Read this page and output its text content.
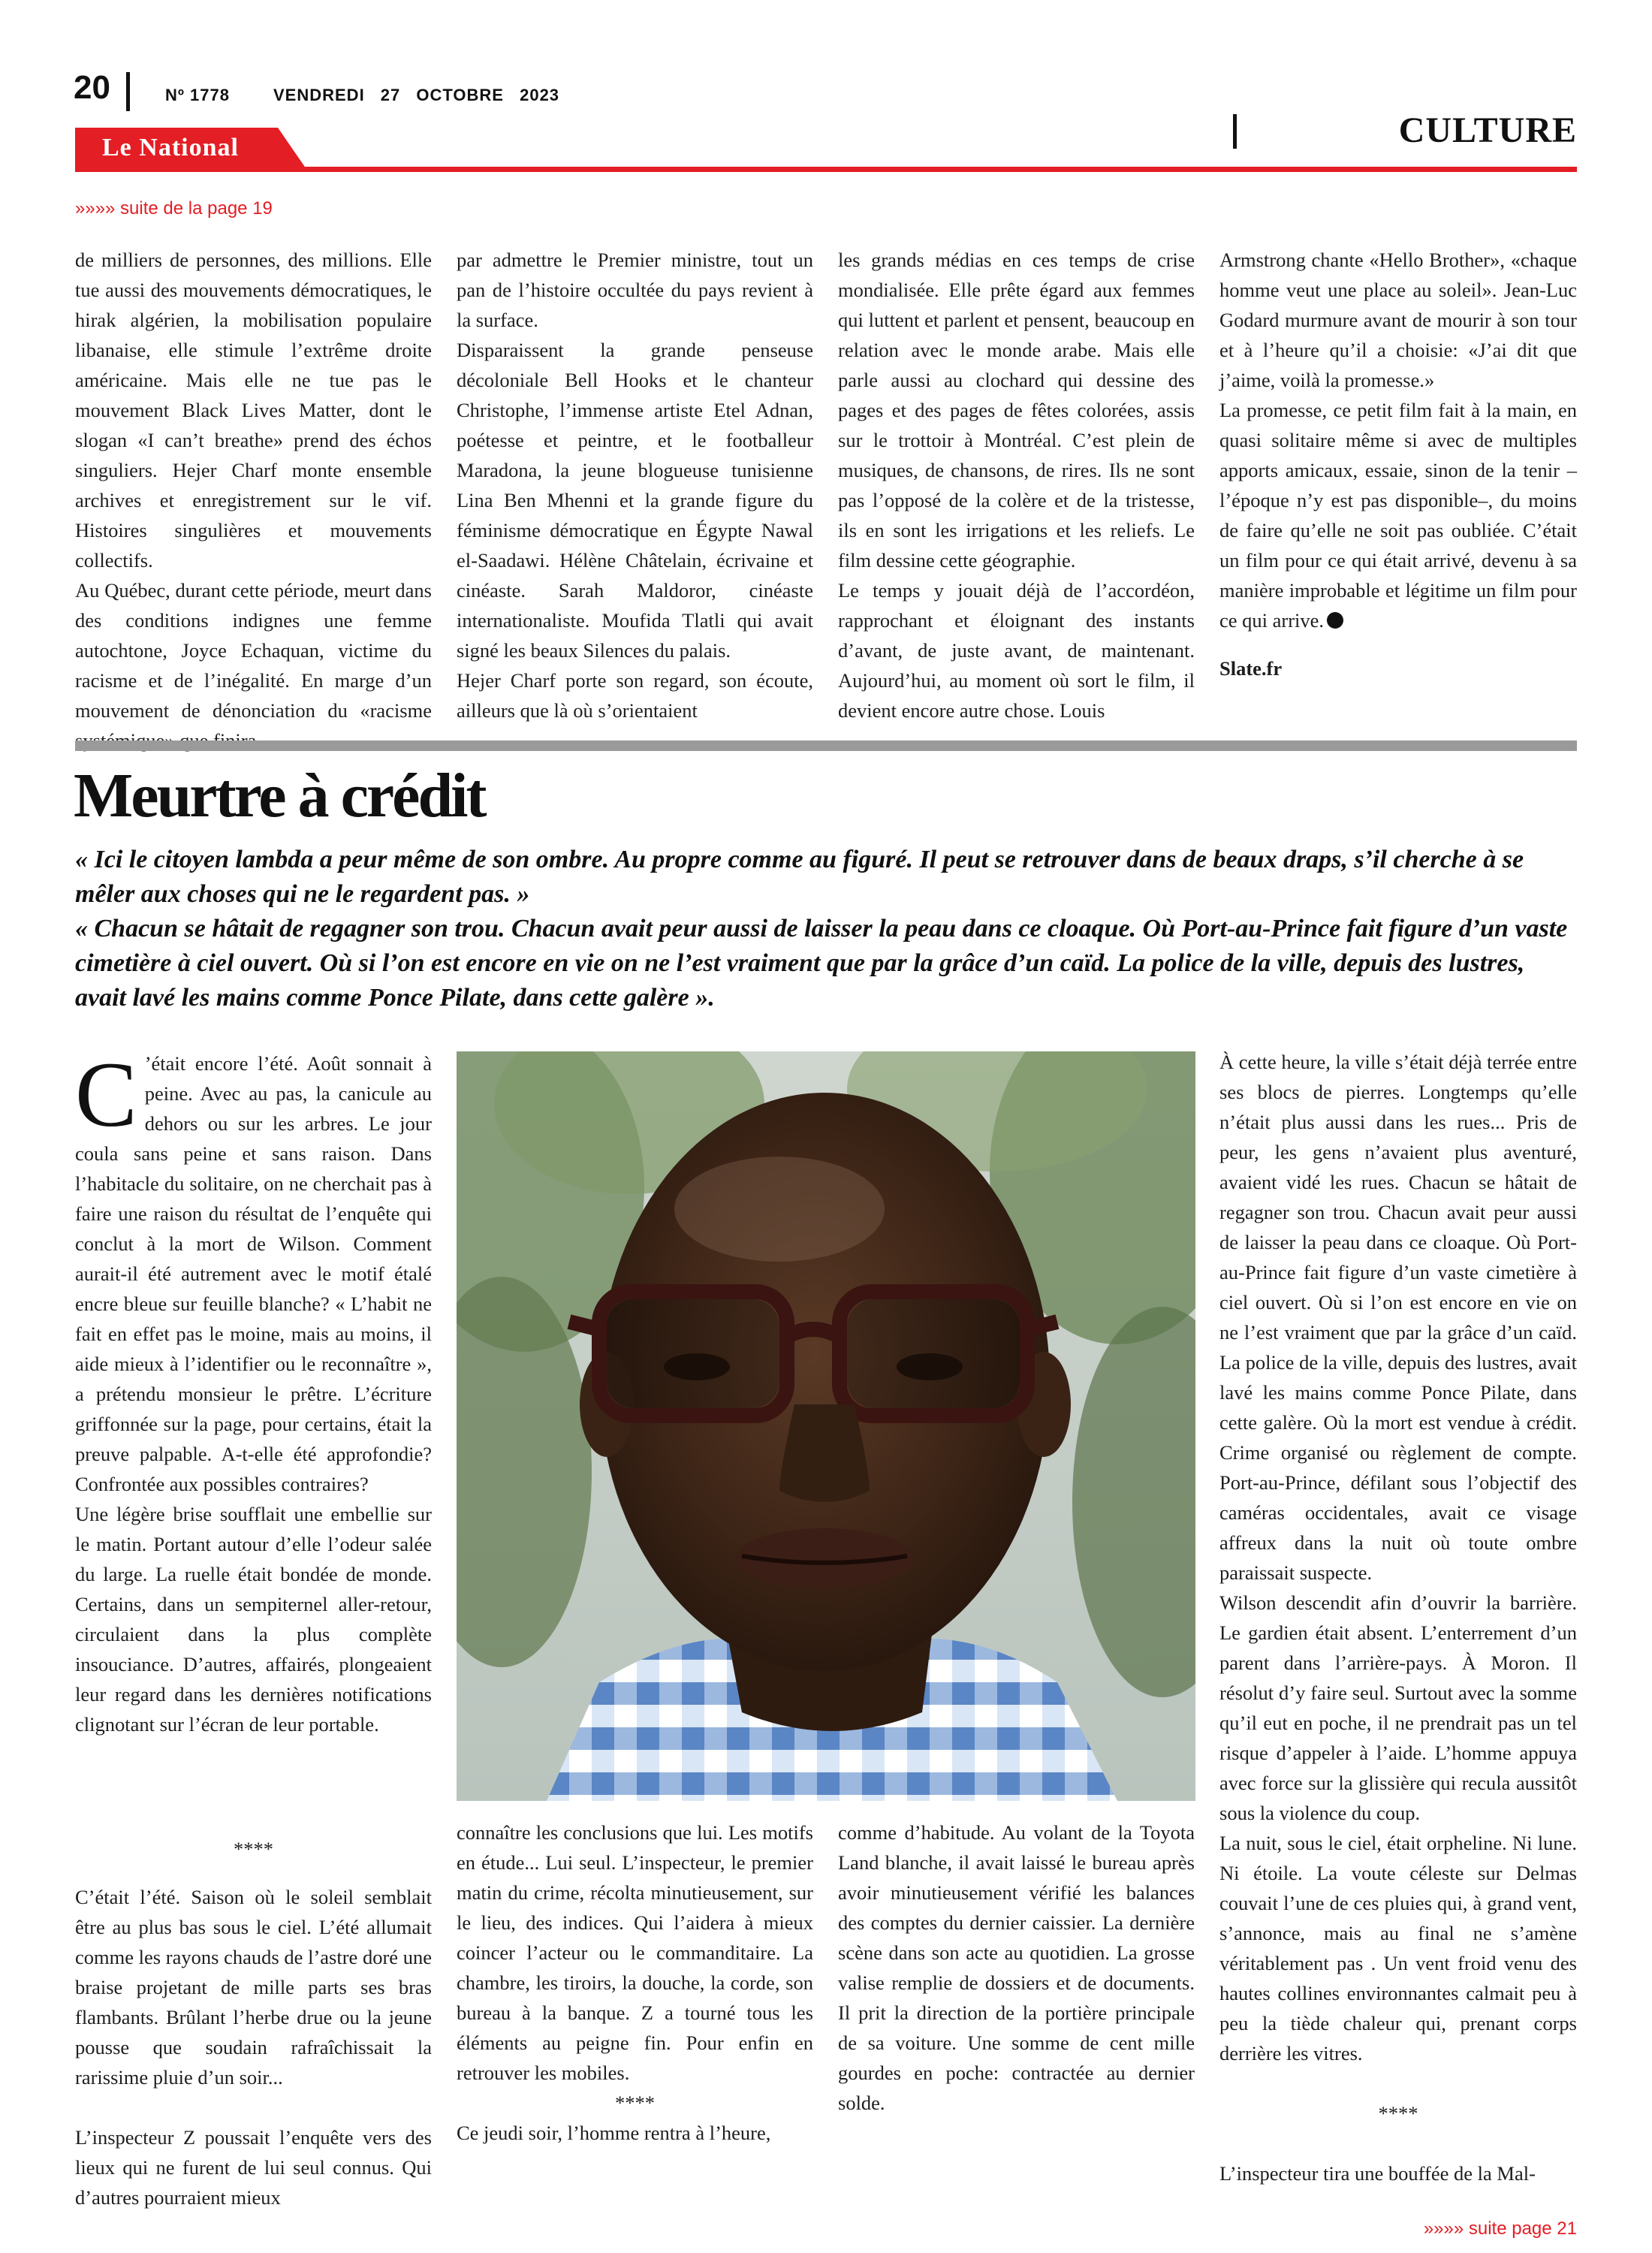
20	Nº 1778	VENDREDI 27 OCTOBRE 2023
Le National	CULTURE
»»»» suite de la page 19

de milliers de personnes, des millions. Elle tue aussi des mouvements démocratiques, le hirak algérien, la mobilisation populaire libanaise, elle stimule l’extrême droite américaine. Mais elle ne tue pas le mouvement Black Lives Matter, dont le slogan «I can’t breathe» prend des échos singuliers. Hejer Charf monte ensemble archives et enregistrement sur le vif. Histoires singulières et mouvements collectifs.

Au Québec, durant cette période, meurt dans des conditions indignes une femme autochtone, Joyce Echaquan, victime du racisme et de l’inégalité. En marge d’un mouvement de dénonciation du «racisme

par admettre le Premier ministre, tout un pan de l’histoire occultée du pays revient à la surface.

Disparaissent la grande penseuse décoloniale Bell Hooks et le chanteur Christophe, l’immense artiste Etel Adnan, poétesse et peintre, et le footballeur Maradona, la jeune blogueuse tunisienne Lina Ben Mhenni et la grande figure du féminisme démocratique en Égypte Nawal el-Saadawi. Hélène Châtelain, écrivaine et cinéaste. Sarah Maldoror, cinéaste internationaliste. Moufida Tlatli qui avait signé les beaux Silences du palais.

Hejer Charf porte son regard, son écoute, ailleurs que là où s’orientaient

les grands médias en ces temps de crise mondialisée. Elle prête égard aux femmes qui luttent et parlent et pensent, beaucoup en relation avec le monde arabe. Mais elle parle aussi au clochard qui dessine des pages et des pages de fêtes colorées, assis sur le trottoir à Montréal. C’est plein de musiques, de chansons, de rires. Ils ne sont pas l’opposé de la colère et de la tristesse, ils en sont les irrigations et les reliefs. Le film dessine cette géographie.

Le temps y jouait déjà de l’accordéon, rapprochant et éloignant des instants d’avant, de juste avant, de maintenant. Aujourd’hui, au moment où sort le film, il devient encore autre chose. Louis

Armstrong chante «Hello Brother», «chaque homme veut une place au soleil». Jean-Luc Godard murmure avant de mourir à son tour et à l’heure qu’il a choisie: «J’ai dit que j’aime, voilà la promesse.»

La promesse, ce petit film fait à la main, en quasi solitaire même si avec de multiples apports amicaux, essaie, sinon de la tenir –l’époque n’y est pas disponible–, du moins de faire qu’elle ne soit pas oubliée. C’était un film pour ce qui était arrivé, devenu à sa manière improbable et légitime un film pour ce qui arrive.

Slate.fr

Meurtre à crédit

« Ici le citoyen lambda a peur même de son ombre. Au propre comme au figuré. Il peut se retrouver dans de beaux draps, s’il cherche à se mêler aux choses qui ne le regardent pas. »

« Chacun se hâtait de regagner son trou. Chacun avait peur aussi de laisser la peau dans ce cloaque. Où Port-au-Prince fait figure d’un vaste cimetière à ciel ouvert. Où si l’on est encore en vie on ne l’est vraiment que par la grâce d’un caïd. La police de la ville, depuis des lustres, avait lavé les mains comme Ponce Pilate, dans cette galère ».

C ’était encore l’été. Août sonnait à peine. Avec au pas, la canicule au dehors ou sur les arbres. Le jour coula sans peine et sans raison. Dans l’habitacle du solitaire, on ne cherchait pas à faire une raison du résultat de l’enquête qui conclut à la mort de Wilson. Comment aurait-il été autrement avec le motif étalé encre bleue sur feuille blanche? « L’habit ne fait en effet pas le moine, mais au moins, il aide mieux à l’identifier ou le reconnaître », a prétendu monsieur le prêtre. L’écriture griffonnée sur la page, pour certains, était la preuve palpable. A-t-elle été approfondie? Confrontée aux possibles contraires?

Une légère brise soufflait une embellie sur le matin. Portant autour d’elle l’odeur salée du large. La ruelle était bondée de monde. Certains, dans un sempiternel aller-retour, circulaient dans la plus complète insouciance. D’autres, affairés, plongeaient leur regard dans les dernières notifications clignotant sur l’écran de leur portable.

****

C’était l’été. Saison où le soleil semblait être au plus bas sous le ciel. L’été allumait comme les rayons chauds de l’astre doré une braise projetant de mille parts ses bras flambants. Brûlant l’herbe drue ou la jeune pousse que soudain rafraîchissait la rarissime pluie d’un soir...

L’inspecteur Z poussait l’enquête vers des lieux qui ne furent de lui seul connus. Qui d’autres pourraient mieux

connaître les conclusions que lui. Les motifs en étude... Lui seul. L’inspecteur, le premier matin du crime, récolta minutieusement, sur le lieu, des indices. Qui l’aidera à mieux coincer l’acteur ou le commanditaire. La chambre, les tiroirs, la douche, la corde, son bureau à la banque. Z a tourné tous les éléments au peigne fin. Pour enfin en retrouver les mobiles.

****

Ce jeudi soir, l’homme rentra à l’heure,

comme d’habitude. Au volant de la Toyota Land blanche, il avait laissé le bureau après avoir minutieusement vérifié les balances des comptes du dernier caissier. La dernière scène dans son acte au quotidien. La grosse valise remplie de dossiers et de documents. Il prit la direction de la portière principale de sa voiture. Une somme de cent mille gourdes en poche: contractée au dernier solde.

À cette heure, la ville s’était déjà terrée entre ses blocs de pierres. Longtemps qu’elle n’était plus aussi dans les rues... Pris de peur, les gens n’avaient plus aventuré, avaient vidé les rues. Chacun se hâtait de regagner son trou. Chacun avait peur aussi de laisser la peau dans ce cloaque. Où Port-au-Prince fait figure d’un vaste cimetière à ciel ouvert. Où si l’on est encore en vie on ne l’est vraiment que par la grâce d’un caïd. La police de la ville, depuis des lustres, avait lavé les mains comme Ponce Pilate, dans cette galère. Où la mort est vendue à crédit. Crime organisé ou règlement de compte. Port-au-Prince, défilant sous l’objectif des caméras occidentales, avait ce visage affreux dans la nuit où toute ombre paraissait suspecte.

Wilson descendit afin d’ouvrir la barrière. Le gardien était absent. L’enterrement d’un parent dans l’arrière-pays. À Moron. Il résolut d’y faire seul. Surtout avec la somme qu’il eut en poche, il ne prendrait pas un tel risque d’appeler à l’aide. L’homme appuya avec force sur la glissière qui recula aussitôt sous la violence du coup.

La nuit, sous le ciel, était orpheline. Ni lune. Ni étoile. La voute céleste sur Delmas couvait l’une de ces pluies qui, à grand vent, s’annonce, mais au final ne s’amène véritablement pas . Un vent froid venu des hautes collines environnantes calmait peu à peu la tiède chaleur qui, prenant corps derrière les vitres.

****

L’inspecteur tira une bouffée de la Mal-

»»»» suite page 21
